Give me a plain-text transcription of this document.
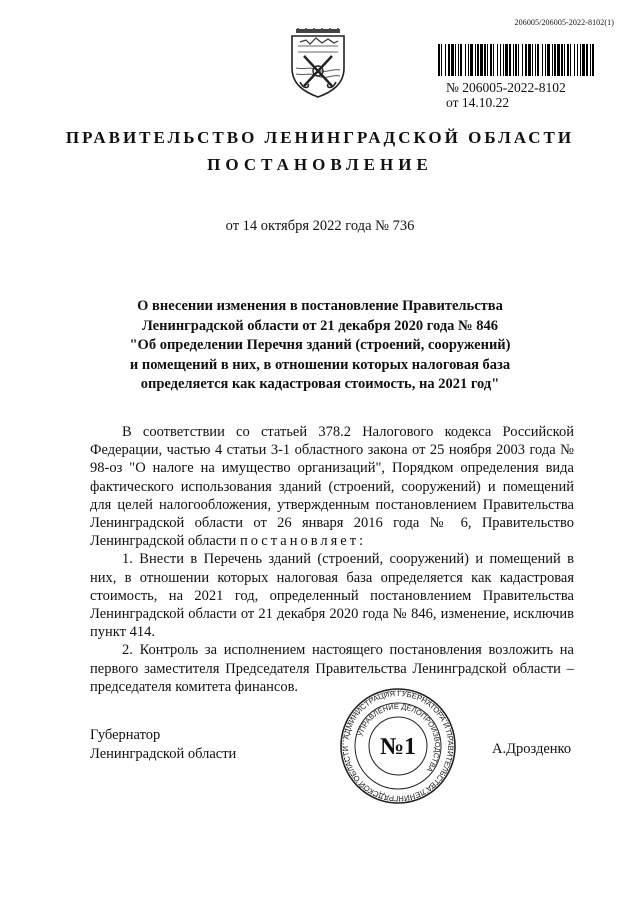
206005/206005-2022-8102(1)
№ 206005-2022-8102
от 14.10.22
ПРАВИТЕЛЬСТВО ЛЕНИНГРАДСКОЙ ОБЛАСТИ
ПОСТАНОВЛЕНИЕ
от 14 октября 2022 года № 736
О внесении изменения в постановление Правительства
Ленинградской области от 21 декабря 2020 года № 846
"Об определении Перечня зданий (строений, сооружений)
и помещений в них, в отношении которых налоговая база
определяется как кадастровая стоимость, на 2021 год"

В соответствии со статьей 378.2 Налогового кодекса Российской Федерации, частью 4 статьи 3-1 областного закона от 25 ноября 2003 года № 98-оз "О налоге на имущество организаций", Порядком определения вида фактического использования зданий (строений, сооружений) и помещений для целей налогообложения, утвержденным постановлением Правительства Ленинградской области от 26 января 2016 года № 6, Правительство Ленинградской области постановляет:

1. Внести в Перечень зданий (строений, сооружений) и помещений в них, в отношении которых налоговая база определяется как кадастровая стоимость, на 2021 год, определенный постановлением Правительства Ленинградской области от 21 декабря 2020 года № 846, изменение, исключив пункт 414.

2. Контроль за исполнением настоящего постановления возложить на первого заместителя Председателя Правительства Ленинградской области – председателя комитета финансов.

Губернатор
Ленинградской области
АДМИНИСТРАЦИЯ ГУБЕРНАТОРА И ПРАВИТЕЛЬСТВА ЛЕНИНГРАДСКОЙ ОБЛАСТИ
УПРАВЛЕНИЕ ДЕЛОПРОИЗВОДСТВА
№1	А.Дрозденко
